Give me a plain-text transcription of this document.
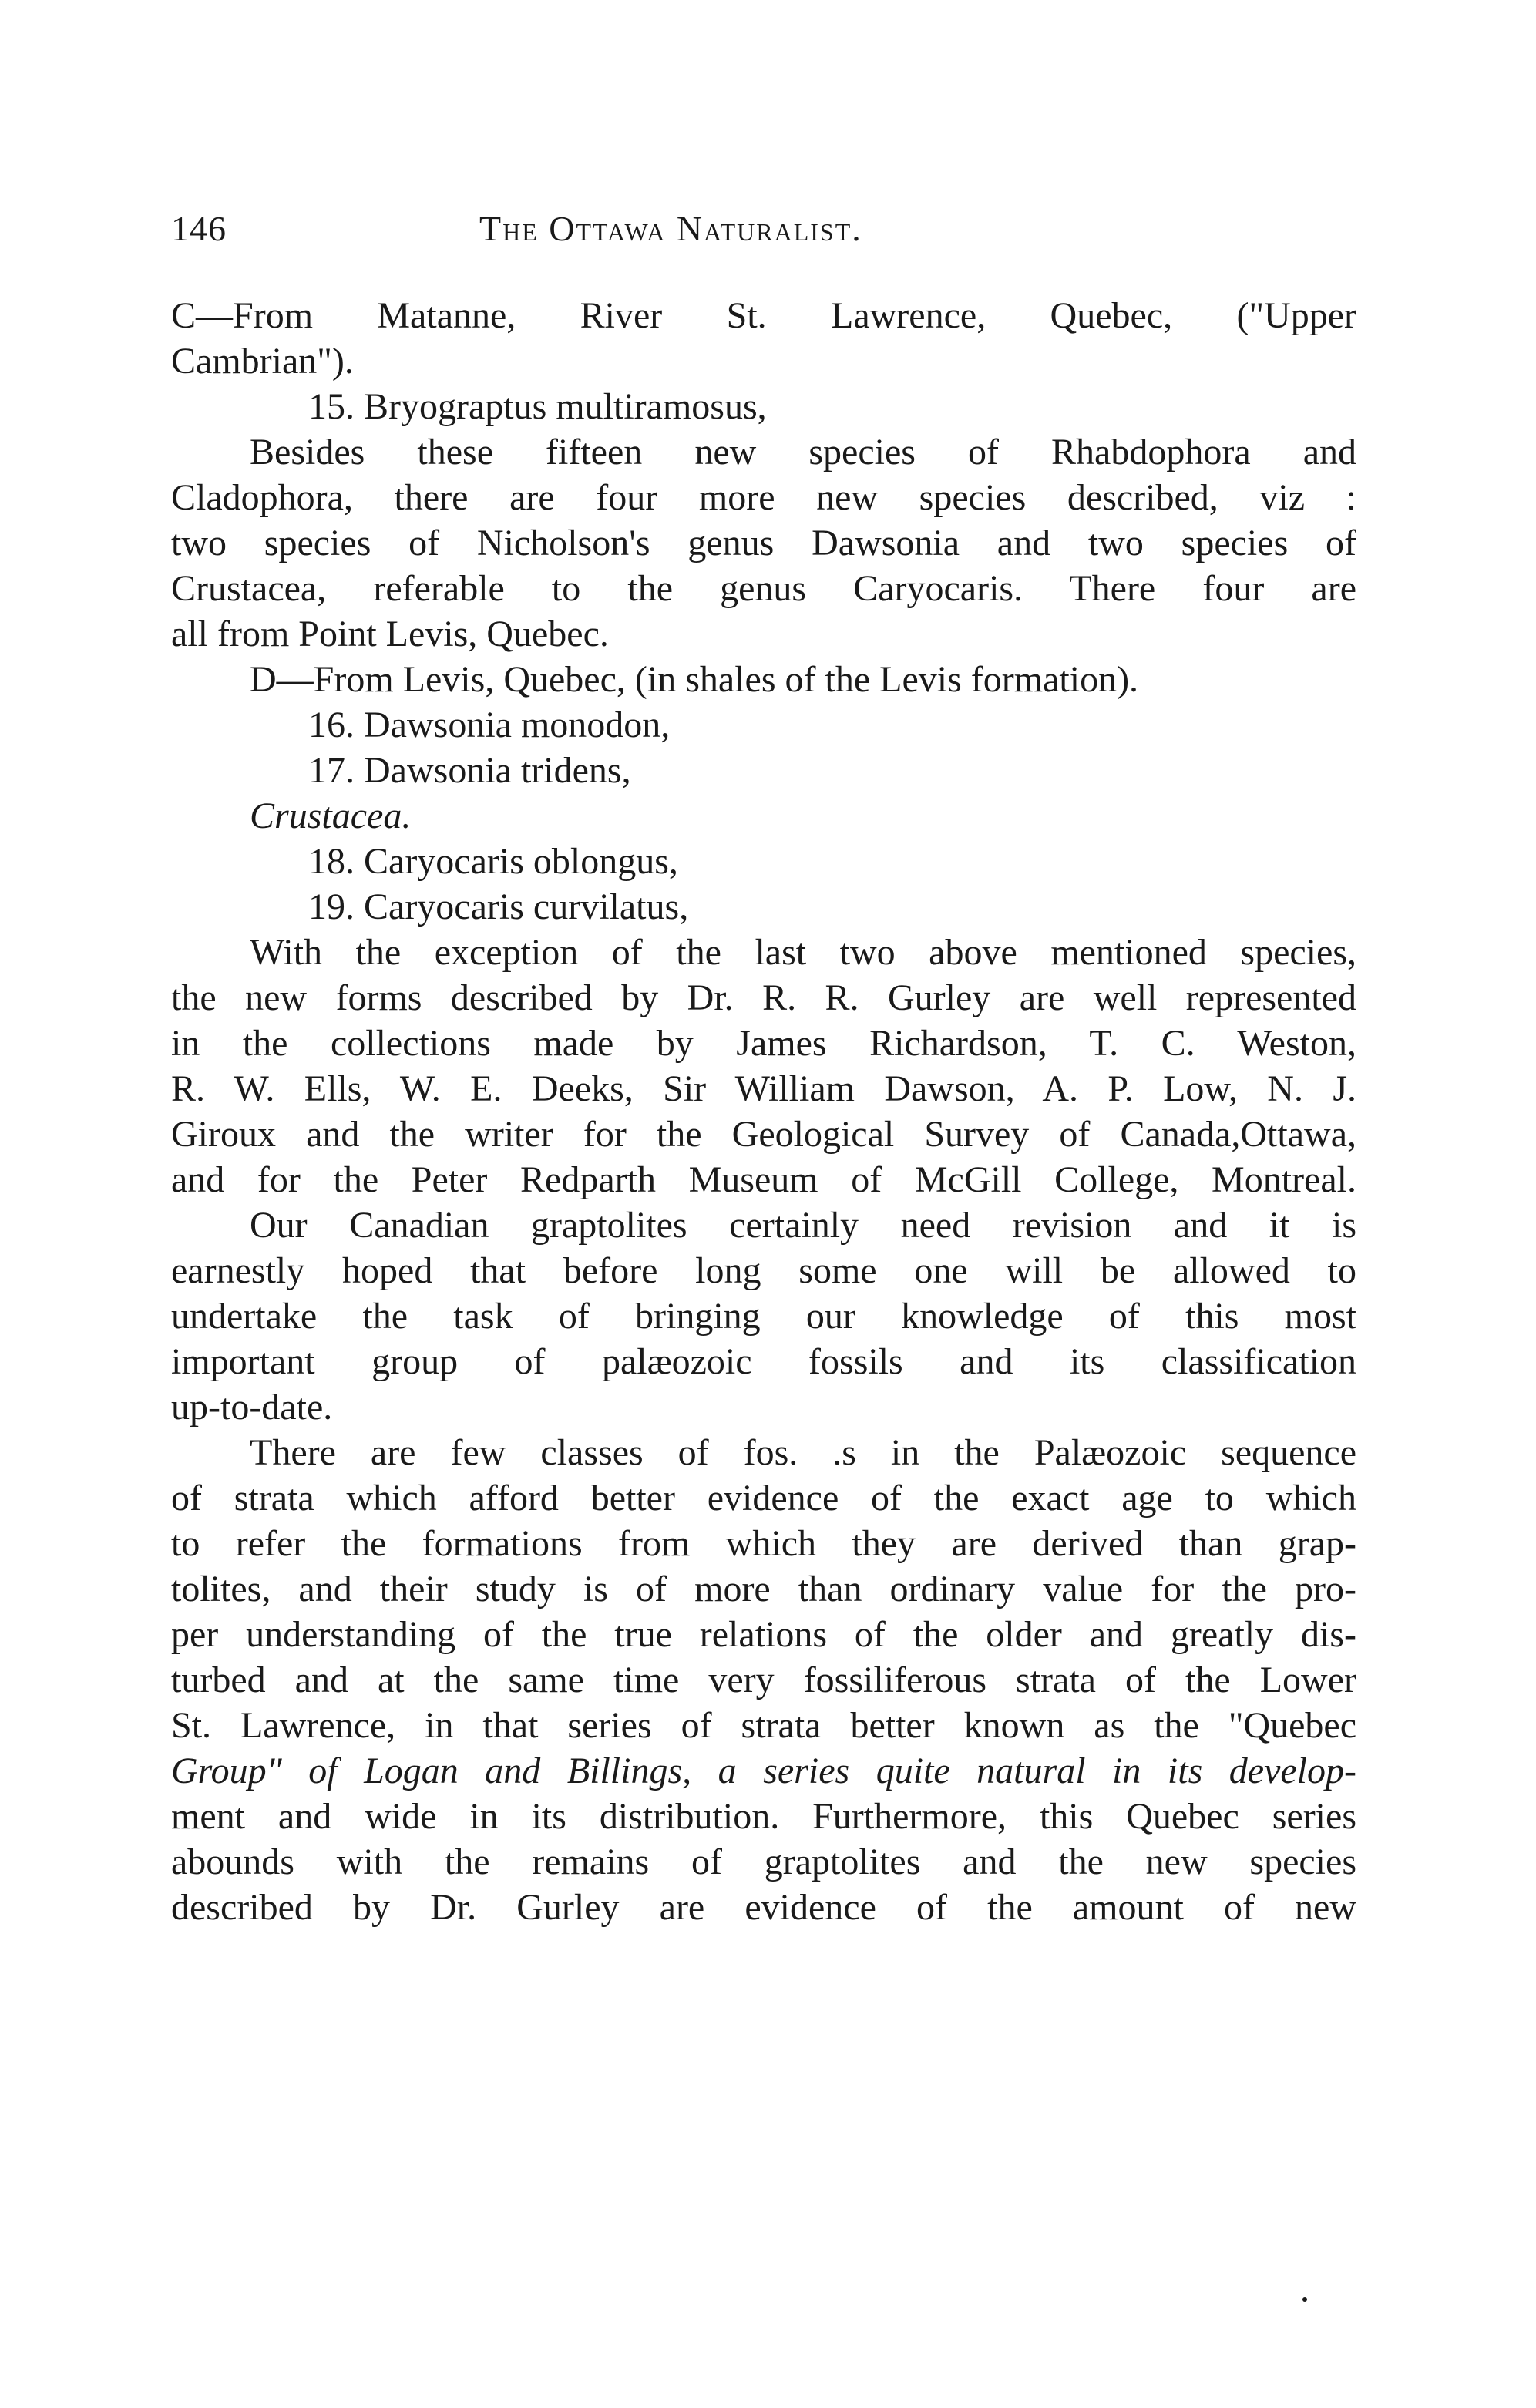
146	The Ottawa Naturalist.
C—From Matanne, River St. Lawrence, Quebec, ("Upper
Cambrian").
15. Bryograptus multiramosus,
Besides these fifteen new species of Rhabdophora and
Cladophora, there are four more new species described, viz :
two species of Nicholson's genus Dawsonia and two species of
Crustacea, referable to the genus Caryocaris. There four are
all from Point Levis, Quebec.
D—From Levis, Quebec, (in shales of the Levis formation).
16. Dawsonia monodon,
17. Dawsonia tridens,
Crustacea.
18. Caryocaris oblongus,
19. Caryocaris curvilatus,
With the exception of the last two above mentioned species,
the new forms described by Dr. R. R. Gurley are well represented
in the collections made by James Richardson, T. C. Weston,
R. W. Ells, W. E. Deeks, Sir William Dawson, A. P. Low, N. J.
Giroux and the writer for the Geological Survey of Canada,Ottawa,
and for the Peter Redparth Museum of McGill College, Montreal.
Our Canadian graptolites certainly need revision and it is
earnestly hoped that before long some one will be allowed to
undertake the task of bringing our knowledge of this most
important group of palæozoic fossils and its classification
up-to-date.
There are few classes of fos. .s in the Palæozoic sequence
of strata which afford better evidence of the exact age to which
to refer the formations from which they are derived than grap-
tolites, and their study is of more than ordinary value for the pro-
per understanding of the true relations of the older and greatly dis-
turbed and at the same time very fossiliferous strata of the Lower
St. Lawrence, in that series of strata better known as the "Quebec
Group" of Logan and Billings, a series quite natural in its develop-
ment and wide in its distribution. Furthermore, this Quebec series
abounds with the remains of graptolites and the new species
described by Dr. Gurley are evidence of the amount of new
